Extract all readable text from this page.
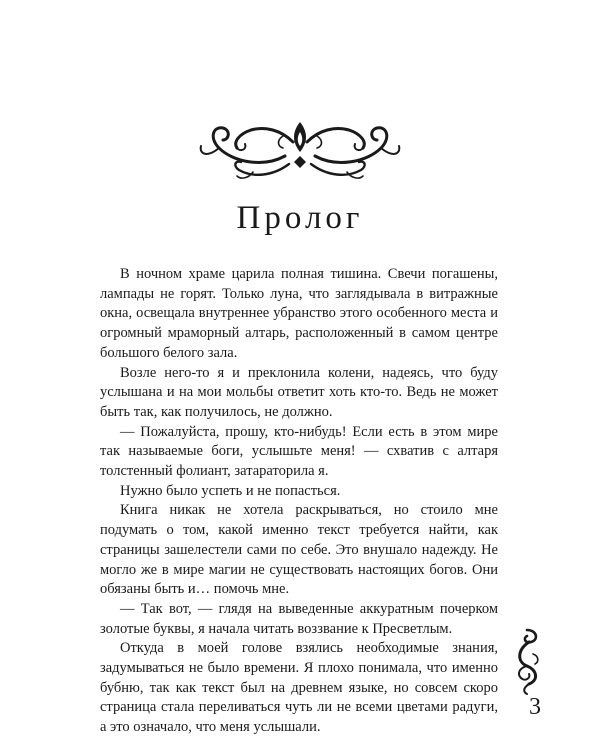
Пролог

В ночном храме царила полная тишина. Свечи погашены, лампады не горят. Только луна, что заглядывала в витражные окна, освещала внутреннее убранство этого особенного места и огромный мраморный алтарь, расположенный в самом центре большого белого зала.

Возле него-то я и преклонила колени, надеясь, что буду услышана и на мои мольбы ответит хоть кто-то. Ведь не может быть так, как получилось, не должно.

— Пожалуйста, прошу, кто-нибудь! Если есть в этом мире так называемые боги, услышьте меня! — схватив с алтаря толстенный фолиант, затараторила я.

Нужно было успеть и не попасться.

Книга никак не хотела раскрываться, но стоило мне подумать о том, какой именно текст требуется найти, как страницы зашелестели сами по себе. Это внушало надежду. Не могло же в мире магии не существовать настоящих богов. Они обязаны быть и… помочь мне.

— Так вот, — глядя на выведенные аккуратным почерком золотые буквы, я начала читать воззвание к Пресветлым.

Откуда в моей голове взялись необходимые знания, задумываться не было времени. Я плохо понимала, что именно бубню, так как текст был на древнем языке, но совсем скоро страница стала переливаться чуть ли не всеми цветами радуги, а это означало, что меня услышали.

3
